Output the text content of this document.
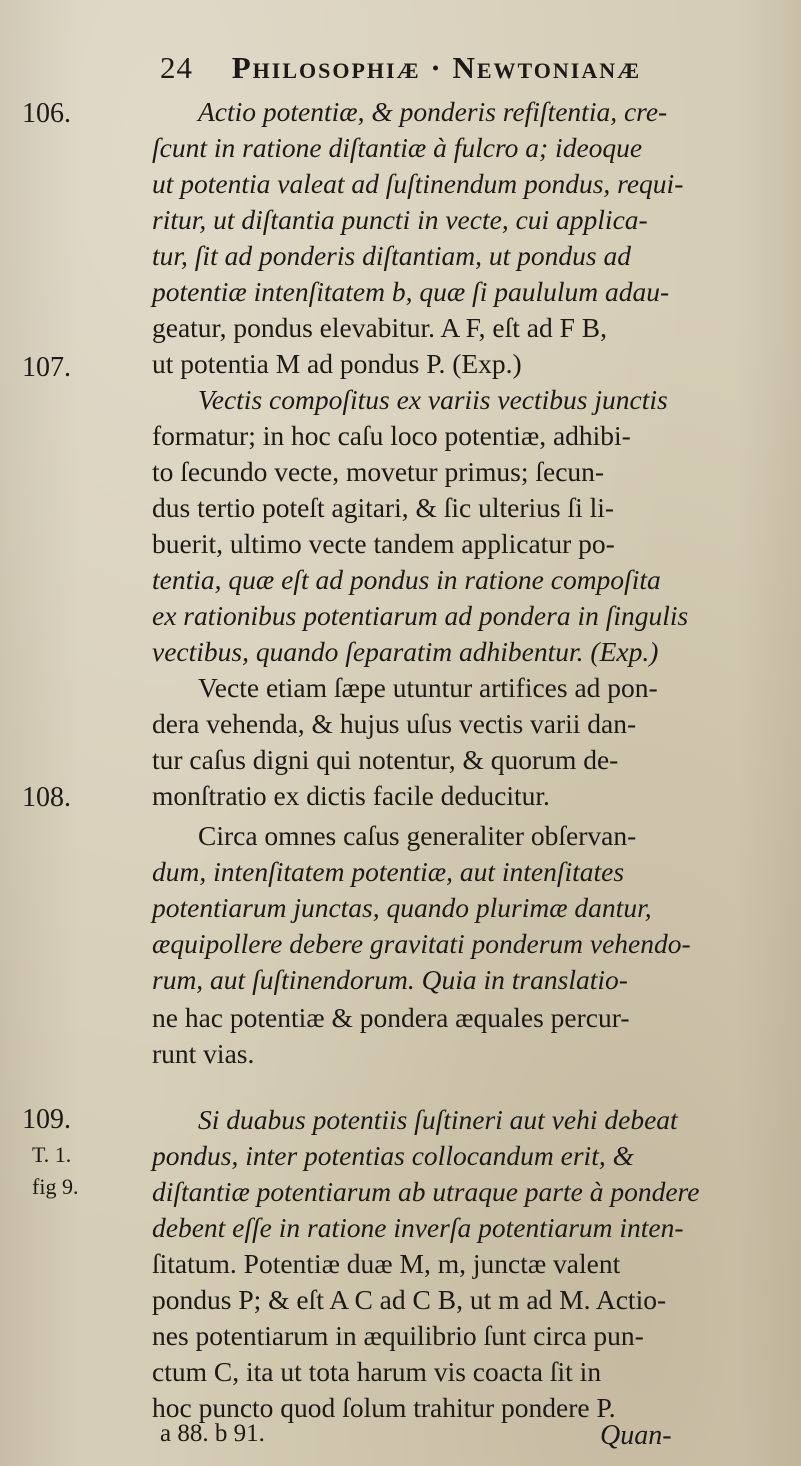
24 Philosophiæ · Newtonianæ
106.
107.
108.
109.
T. 1.
fig 9.
Actio potentiæ, & ponderis refiſtentia, cre-
ſcunt in ratione diſtantiæ à fulcro a; ideoque
ut potentia valeat ad ſuſtinendum pondus, requi-
ritur, ut diſtantia puncti in vecte, cui applica-
tur, ſit ad ponderis diſtantiam, ut pondus ad
potentiæ intenſitatem b, quæ ſi paululum adau-
geatur, pondus elevabitur. A F, eſt ad F B,
ut potentia M ad pondus P. (Exp.)
Vectis compoſitus ex variis vectibus junctis
formatur; in hoc caſu loco potentiæ, adhibi-
to ſecundo vecte, movetur primus; ſecun-
dus tertio poteſt agitari, & ſic ulterius ſi li-
buerit, ultimo vecte tandem applicatur po-
tentia, quæ eſt ad pondus in ratione compoſita
ex rationibus potentiarum ad pondera in ſingulis
vectibus, quando ſeparatim adhibentur. (Exp.)
Vecte etiam ſæpe utuntur artifices ad pon-
dera vehenda, & hujus uſus vectis varii dan-
tur caſus digni qui notentur, & quorum de-
monſtratio ex dictis facile deducitur.
Circa omnes caſus generaliter obſervan-
dum, intenſitatem potentiæ, aut intenſitates
potentiarum junctas, quando plurimæ dantur,
æquipollere debere gravitati ponderum vehendo-
rum, aut ſuſtinendorum. Quia in translatio-
ne hac potentiæ & pondera æquales percur-
runt vias.
Si duabus potentiis ſuſtineri aut vehi debeat
pondus, inter potentias collocandum erit, &
diſtantiæ potentiarum ab utraque parte à pondere
debent eſſe in ratione inverſa potentiarum inten-
ſitatum. Potentiæ duæ M, m, junctæ valent
pondus P; & eſt A C ad C B, ut m ad M. Actio-
nes potentiarum in æquilibrio ſunt circa pun-
ctum C, ita ut tota harum vis coacta ſit in
hoc puncto quod ſolum trahitur pondere P.
a 88. b 91.	Quan-
